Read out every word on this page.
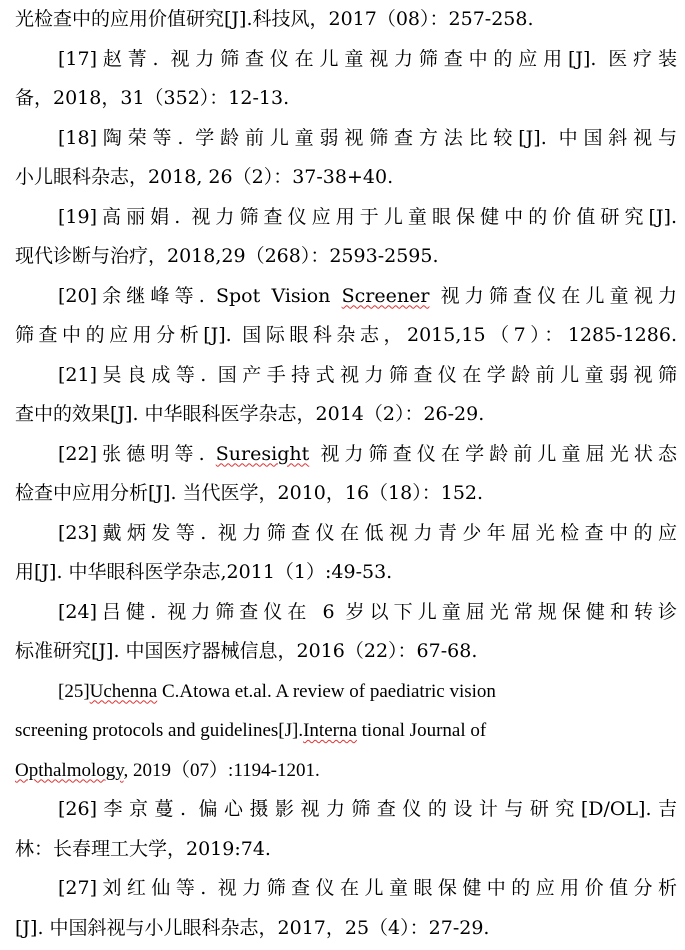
光检查中的应用价值研究[J].科技风，2017（08）：257-258.
[17]赵菁. 视力筛查仪在儿童视力筛查中的应用[J]. 医疗装
备，2018，31（352）：12-13.
[18]陶荣等. 学龄前儿童弱视筛查方法比较[J]. 中国斜视与
小儿眼科杂志，2018, 26（2）：37-38+40.
[19]高丽娟. 视力筛查仪应用于儿童眼保健中的价值研究[J].
现代诊断与治疗，2018,29（268）：2593-2595.
[20]余继峰等. Spot Vision Screener 视力筛查仪在儿童视力
筛查中的应用分析[J]. 国际眼科杂志，2015,15（7）：1285-1286.
[21]吴良成等. 国产手持式视力筛查仪在学龄前儿童弱视筛
查中的效果[J]. 中华眼科医学杂志，2014（2）：26-29.
[22]张德明等. Suresight 视力筛查仪在学龄前儿童屈光状态
检查中应用分析[J]. 当代医学，2010，16（18）：152.
[23]戴炳发等. 视力筛查仪在低视力青少年屈光检查中的应
用[J]. 中华眼科医学杂志,2011（1）:49-53.
[24]吕健. 视力筛查仪在 6 岁以下儿童屈光常规保健和转诊
标准研究[J]. 中国医疗器械信息，2016（22）：67-68.
[25]Uchenna C.Atowa et.al. A review of paediatric vision
screening protocols and guidelines[J].Interna tional Journal of
Opthalmology, 2019（07）:1194-1201.
[26]李京蔓. 偏心摄影视力筛查仪的设计与研究[D/OL].吉
林：长春理工大学，2019:74.
[27]刘红仙等. 视力筛查仪在儿童眼保健中的应用价值分析
[J]. 中国斜视与小儿眼科杂志，2017，25（4）：27-29.
